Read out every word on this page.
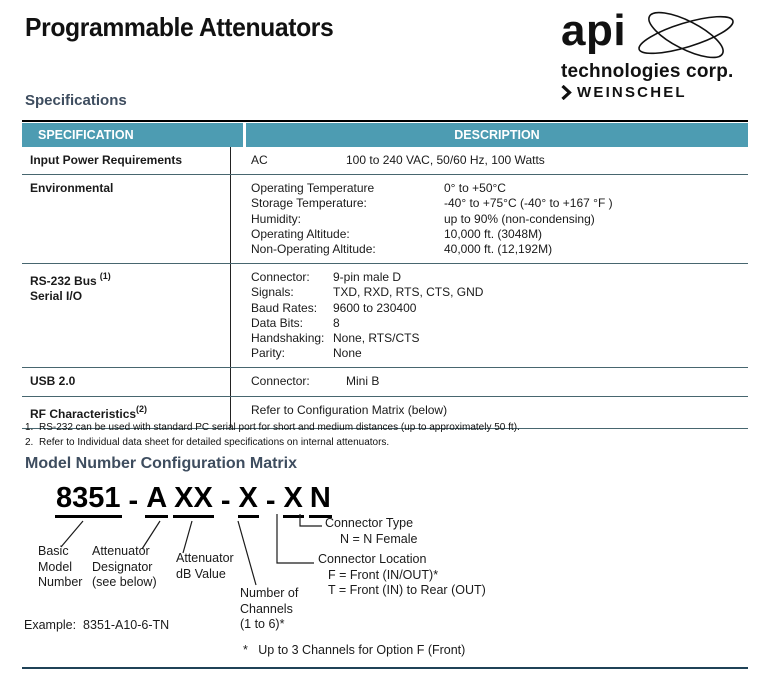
Programmable Attenuators	api
technologies corp.
WEINSCHEL
Specifications
SPECIFICATION	DESCRIPTION
Input Power Requirements	AC	100 to 240 VAC, 50/60 Hz, 100 Watts
Environmental	Operating Temperature	0° to +50°C
Storage Temperature:	-40° to +75°C (-40° to +167 °F )
Humidity:	up to 90% (non-condensing)
Operating Altitude:	10,000 ft. (3048M)
Non-Operating Altitude:	40,000 ft. (12,192M)
RS-232 Bus $^{(1)}$
Serial I/O
Connector:	9-pin male D
Signals:	TXD, RXD, RTS, CTS, GND
Baud Rates:	9600 to 230400
Data Bits:	8
Handshaking: None, RTS/CTS
Parity:	None
USB 2.0	Connector:	Mini B
RF Characteristics$^{(2)}$	Refer to Configuration Matrix (below)
1. RS-232 can be used with standard PC serial port for short and medium distances (up to approximately 50 ft).
2. Refer to Individual data sheet for detailed specifications on internal attenuators.
Model Number Configuration Matrix
8351 - A XX - X - X N
Basic
Model
Number
Attenuator
Designator
(see below)
Attenuator
dB Value
Number of
Channels
(1 to 6)*
Connector Type
N = N Female
Connector Location
F = Front (IN/OUT)*
T = Front (IN) to Rear (OUT)
Example:  8351-A10-6-TN
*   Up to 3 Channels for Option F (Front)
